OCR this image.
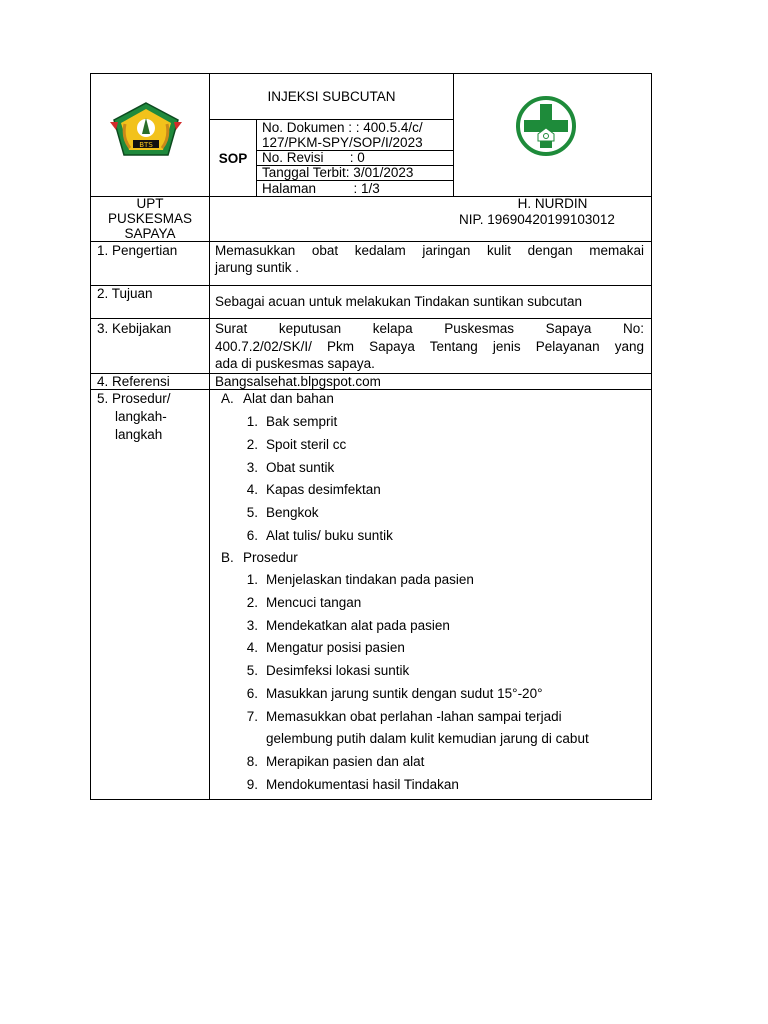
BTS
INJEKSI SUBCUTAN
SOP
No. Dokumen : : 400.5.4/c/
127/PKM-SPY/SOP/I/2023
No. Revisi       : 0
Tanggal Terbit: 3/01/2023
Halaman          : 1/3
UPT
PUSKESMAS
SAPAYA
H. NURDIN
NIP. 19690420199103012
1. Pengertian
2. Tujuan
3. Kebijakan
4. Referensi
5. Prosedur/
langkah-
langkah
Memasukkan obat kedalam jaringan kulit dengan memakai
jarung suntik .
Sebagai acuan untuk melakukan Tindakan suntikan subcutan
Surat keputusan kelapa Puskesmas Sapaya No:
400.7.2/02/SK/I/ Pkm Sapaya Tentang jenis Pelayanan yang
ada di puskesmas sapaya.
Bangsalsehat.blpgspot.com
A. Alat dan bahan
1. Bak semprit
2. Spoit steril cc
3. Obat suntik
4. Kapas desimfektan
5. Bengkok
6. Alat tulis/ buku suntik
B. Prosedur
1. Menjelaskan tindakan pada pasien
2. Mencuci tangan
3. Mendekatkan alat pada pasien
4. Mengatur posisi pasien
5. Desimfeksi lokasi suntik
6. Masukkan jarung suntik dengan sudut 15°-20°
7. Memasukkan obat perlahan -lahan sampai terjadi
8. Merapikan pasien dan alat
9. Mendokumentasi hasil Tindakan
gelembung putih dalam kulit kemudian jarung di cabut
